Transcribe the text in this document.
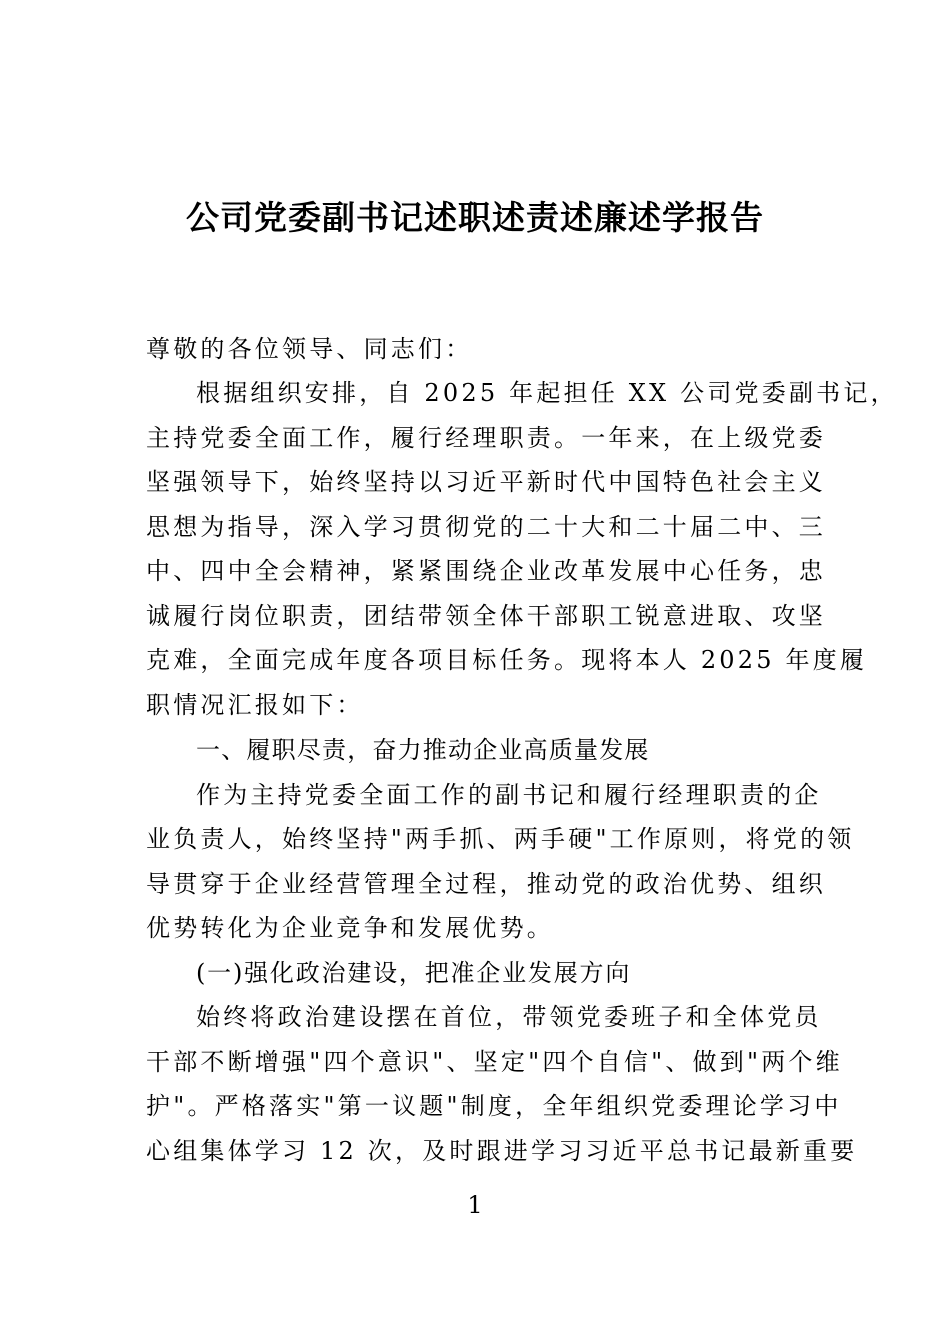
公司党委副书记述职述责述廉述学报告
尊敬的各位领导、同志们：
根据组织安排，自 2025 年起担任 XX 公司党委副书记，
主持党委全面工作，履行经理职责。一年来，在上级党委
坚强领导下，始终坚持以习近平新时代中国特色社会主义
思想为指导，深入学习贯彻党的二十大和二十届二中、三
中、四中全会精神，紧紧围绕企业改革发展中心任务，忠
诚履行岗位职责，团结带领全体干部职工锐意进取、攻坚
克难，全面完成年度各项目标任务。现将本人 2025 年度履
职情况汇报如下：
一、履职尽责，奋力推动企业高质量发展
作为主持党委全面工作的副书记和履行经理职责的企
业负责人，始终坚持"两手抓、两手硬"工作原则，将党的领
导贯穿于企业经营管理全过程，推动党的政治优势、组织
优势转化为企业竞争和发展优势。
(一)强化政治建设，把准企业发展方向
始终将政治建设摆在首位，带领党委班子和全体党员
干部不断增强"四个意识"、坚定"四个自信"、做到"两个维
护"。严格落实"第一议题"制度，全年组织党委理论学习中
心组集体学习 12 次，及时跟进学习习近平总书记最新重要
1
